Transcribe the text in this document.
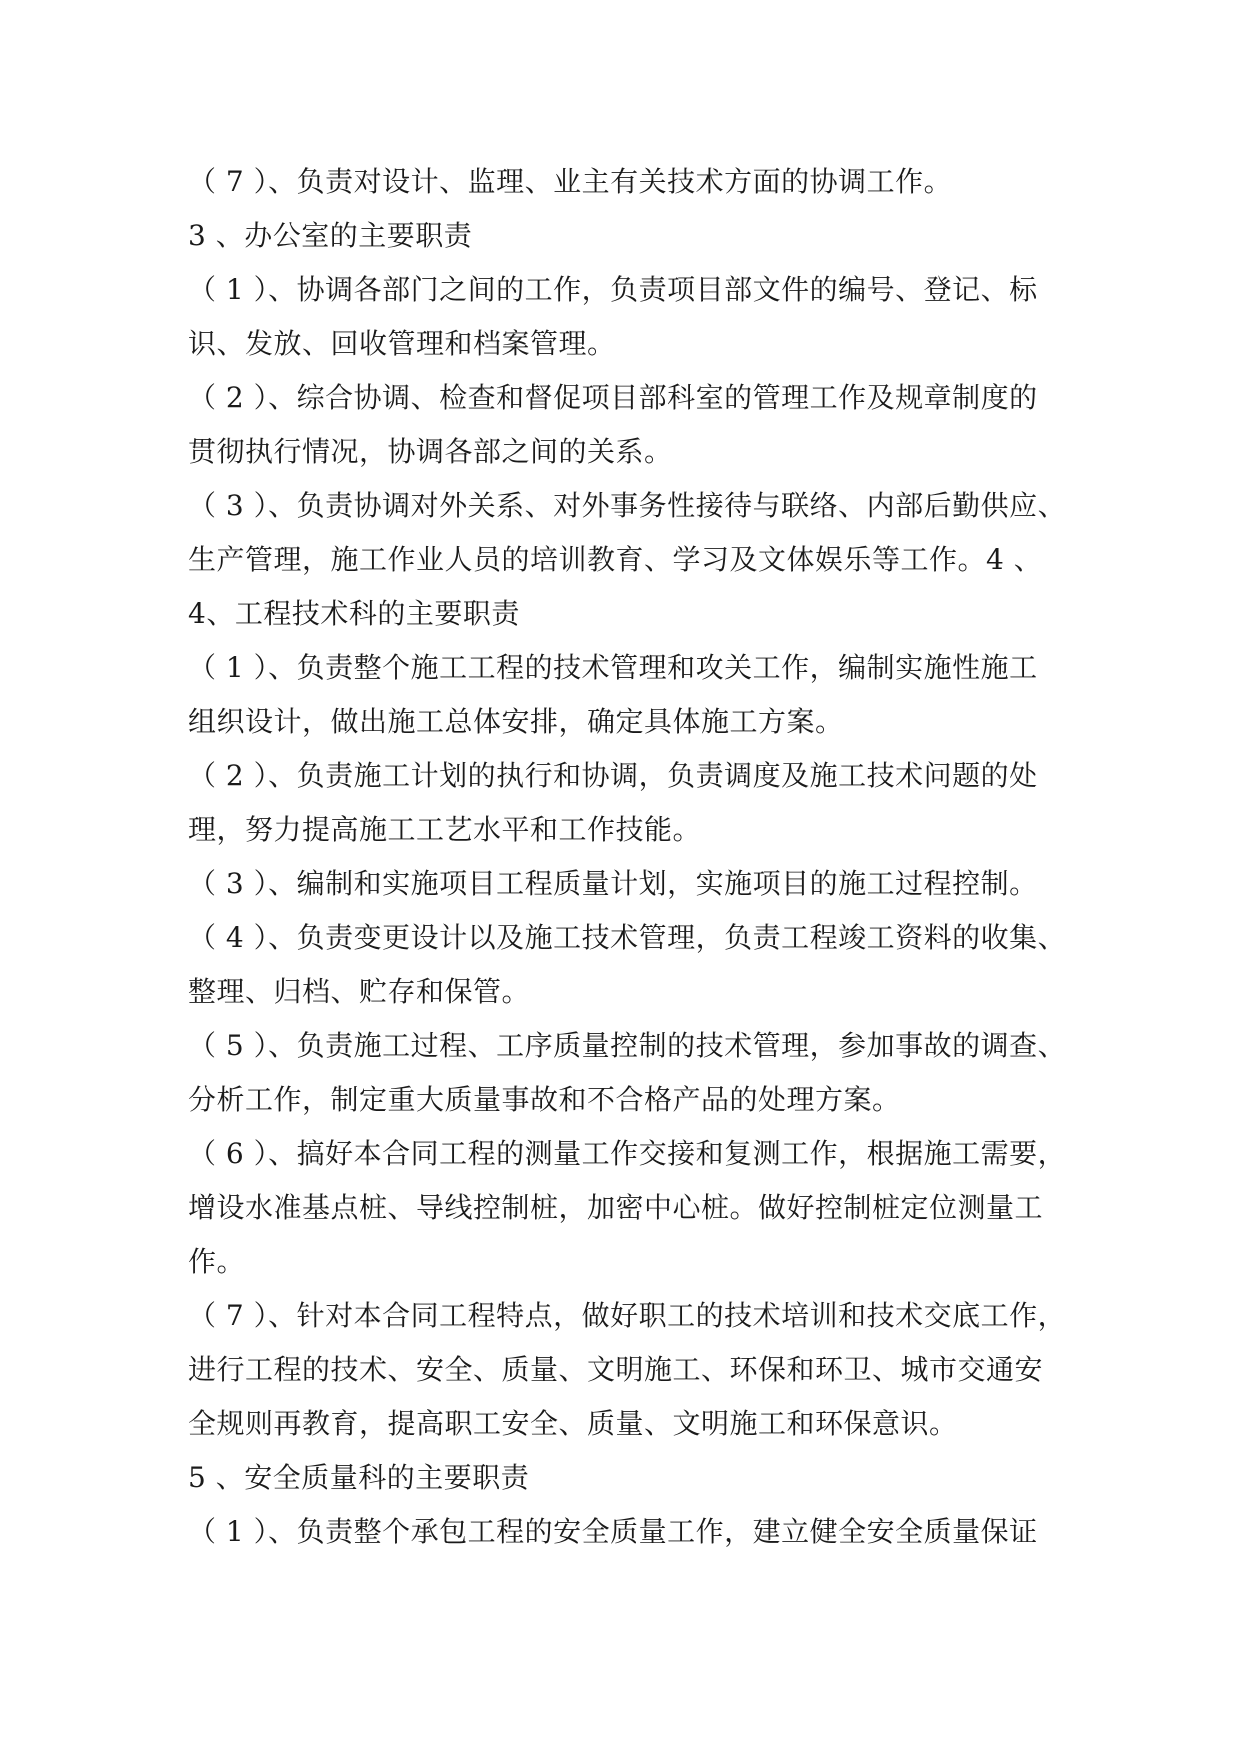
（ 7 ）、负责对设计、监理、业主有关技术方面的协调工作。
3 、办公室的主要职责
（ 1 ）、协调各部门之间的工作，负责项目部文件的编号、登记、标
识、发放、回收管理和档案管理。
（ 2 ）、综合协调、检查和督促项目部科室的管理工作及规章制度的
贯彻执行情况，协调各部之间的关系。
（ 3 ）、负责协调对外关系、对外事务性接待与联络、内部后勤供应、
生产管理，施工作业人员的培训教育、学习及文体娱乐等工作。4 、
4、工程技术科的主要职责
（ 1 ）、负责整个施工工程的技术管理和攻关工作，编制实施性施工
组织设计，做出施工总体安排，确定具体施工方案。
（ 2 ）、负责施工计划的执行和协调，负责调度及施工技术问题的处
理，努力提高施工工艺水平和工作技能。
（ 3 ）、编制和实施项目工程质量计划，实施项目的施工过程控制。
（ 4 ）、负责变更设计以及施工技术管理，负责工程竣工资料的收集、
整理、归档、贮存和保管。
（ 5 ）、负责施工过程、工序质量控制的技术管理，参加事故的调查、
分析工作，制定重大质量事故和不合格产品的处理方案。
（ 6 ）、搞好本合同工程的测量工作交接和复测工作，根据施工需要，
增设水准基点桩、导线控制桩，加密中心桩。做好控制桩定位测量工
作。
（ 7 ）、针对本合同工程特点，做好职工的技术培训和技术交底工作，
进行工程的技术、安全、质量、文明施工、环保和环卫、城市交通安
全规则再教育，提高职工安全、质量、文明施工和环保意识。
5 、安全质量科的主要职责
（ 1 ）、负责整个承包工程的安全质量工作，建立健全安全质量保证
